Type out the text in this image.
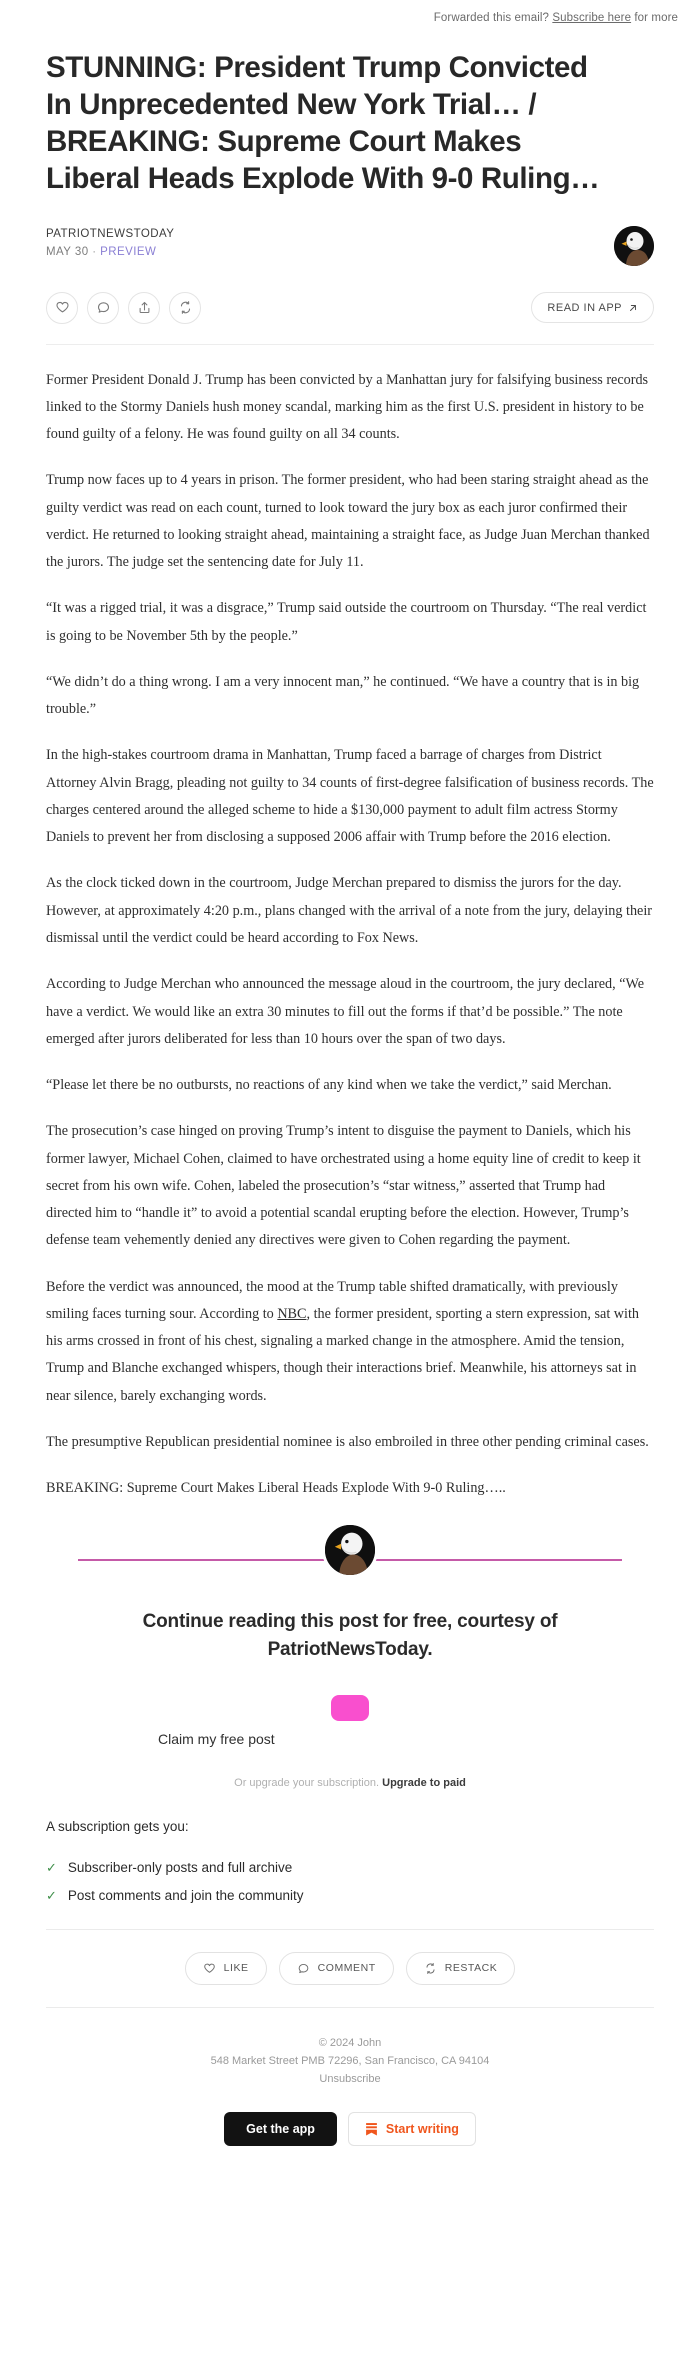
Forwarded this email? Subscribe here for more
STUNNING: President Trump Convicted In Unprecedented New York Trial… / BREAKING: Supreme Court Makes Liberal Heads Explode With 9-0 Ruling…
PATRIOTNEWSTODAY
MAY 30 · PREVIEW
READ IN APP

Former President Donald J. Trump has been convicted by a Manhattan jury for falsifying business records linked to the Stormy Daniels hush money scandal, marking him as the first U.S. president in history to be found guilty of a felony. He was found guilty on all 34 counts.

Trump now faces up to 4 years in prison. The former president, who had been staring straight ahead as the guilty verdict was read on each count, turned to look toward the jury box as each juror confirmed their verdict. He returned to looking straight ahead, maintaining a straight face, as Judge Juan Merchan thanked the jurors. The judge set the sentencing date for July 11.

“It was a rigged trial, it was a disgrace,” Trump said outside the courtroom on Thursday. “The real verdict is going to be November 5th by the people.”

“We didn’t do a thing wrong. I am a very innocent man,” he continued. “We have a country that is in big trouble.”

In the high-stakes courtroom drama in Manhattan, Trump faced a barrage of charges from District Attorney Alvin Bragg, pleading not guilty to 34 counts of first-degree falsification of business records. The charges centered around the alleged scheme to hide a $130,000 payment to adult film actress Stormy Daniels to prevent her from disclosing a supposed 2006 affair with Trump before the 2016 election.

As the clock ticked down in the courtroom, Judge Merchan prepared to dismiss the jurors for the day. However, at approximately 4:20 p.m., plans changed with the arrival of a note from the jury, delaying their dismissal until the verdict could be heard according to Fox News.

According to Judge Merchan who announced the message aloud in the courtroom, the jury declared, “We have a verdict. We would like an extra 30 minutes to fill out the forms if that’d be possible.” The note emerged after jurors deliberated for less than 10 hours over the span of two days.

“Please let there be no outbursts, no reactions of any kind when we take the verdict,” said Merchan.

The prosecution’s case hinged on proving Trump’s intent to disguise the payment to Daniels, which his former lawyer, Michael Cohen, claimed to have orchestrated using a home equity line of credit to keep it secret from his own wife. Cohen, labeled the prosecution’s “star witness,” asserted that Trump had directed him to “handle it” to avoid a potential scandal erupting before the election. However, Trump’s defense team vehemently denied any directives were given to Cohen regarding the payment.

Before the verdict was announced, the mood at the Trump table shifted dramatically, with previously smiling faces turning sour. According to NBC, the former president, sporting a stern expression, sat with his arms crossed in front of his chest, signaling a marked change in the atmosphere. Amid the tension, Trump and Blanche exchanged whispers, though their interactions brief. Meanwhile, his attorneys sat in near silence, barely exchanging words.

The presumptive Republican presidential nominee is also embroiled in three other pending criminal cases.

BREAKING: Supreme Court Makes Liberal Heads Explode With 9-0 Ruling…..

Continue reading this post for free, courtesy of PatriotNewsToday.
Claim my free post
Or upgrade your subscription. Upgrade to paid
A subscription gets you:
✓ Subscriber-only posts and full archive
✓ Post comments and join the community
LIKE	COMMENT	RESTACK
© 2024 John
548 Market Street PMB 72296, San Francisco, CA 94104
Unsubscribe
Get the app	Start writing
